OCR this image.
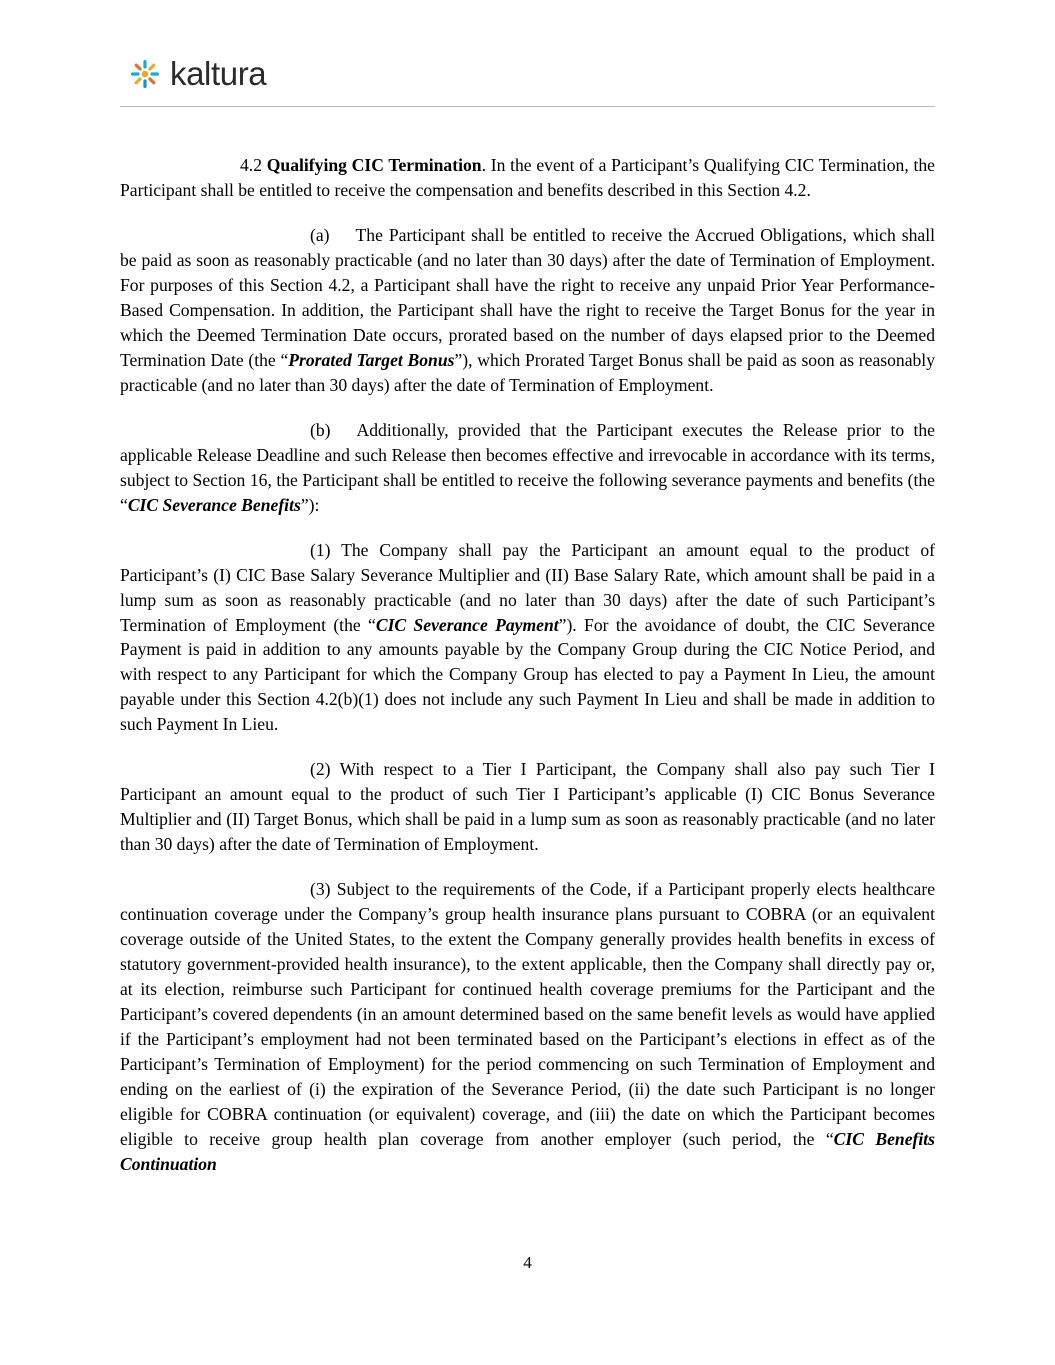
kaltura

4.2 Qualifying CIC Termination. In the event of a Participant’s Qualifying CIC Termination, the Participant shall be entitled to receive the compensation and benefits described in this Section 4.2.

(a) The Participant shall be entitled to receive the Accrued Obligations, which shall be paid as soon as reasonably practicable (and no later than 30 days) after the date of Termination of Employment. For purposes of this Section 4.2, a Participant shall have the right to receive any unpaid Prior Year Performance-Based Compensation. In addition, the Participant shall have the right to receive the Target Bonus for the year in which the Deemed Termination Date occurs, prorated based on the number of days elapsed prior to the Deemed Termination Date (the “Prorated Target Bonus”), which Prorated Target Bonus shall be paid as soon as reasonably practicable (and no later than 30 days) after the date of Termination of Employment.

(b) Additionally, provided that the Participant executes the Release prior to the applicable Release Deadline and such Release then becomes effective and irrevocable in accordance with its terms, subject to Section 16, the Participant shall be entitled to receive the following severance payments and benefits (the “CIC Severance Benefits”):

(1) The Company shall pay the Participant an amount equal to the product of Participant’s (I) CIC Base Salary Severance Multiplier and (II) Base Salary Rate, which amount shall be paid in a lump sum as soon as reasonably practicable (and no later than 30 days) after the date of such Participant’s Termination of Employment (the “CIC Severance Payment”). For the avoidance of doubt, the CIC Severance Payment is paid in addition to any amounts payable by the Company Group during the CIC Notice Period, and with respect to any Participant for which the Company Group has elected to pay a Payment In Lieu, the amount payable under this Section 4.2(b)(1) does not include any such Payment In Lieu and shall be made in addition to such Payment In Lieu.

(2) With respect to a Tier I Participant, the Company shall also pay such Tier I Participant an amount equal to the product of such Tier I Participant’s applicable (I) CIC Bonus Severance Multiplier and (II) Target Bonus, which shall be paid in a lump sum as soon as reasonably practicable (and no later than 30 days) after the date of Termination of Employment.

(3) Subject to the requirements of the Code, if a Participant properly elects healthcare continuation coverage under the Company’s group health insurance plans pursuant to COBRA (or an equivalent coverage outside of the United States, to the extent the Company generally provides health benefits in excess of statutory government-provided health insurance), to the extent applicable, then the Company shall directly pay or, at its election, reimburse such Participant for continued health coverage premiums for the Participant and the Participant’s covered dependents (in an amount determined based on the same benefit levels as would have applied if the Participant’s employment had not been terminated based on the Participant’s elections in effect as of the Participant’s Termination of Employment) for the period commencing on such Termination of Employment and ending on the earliest of (i) the expiration of the Severance Period, (ii) the date such Participant is no longer eligible for COBRA continuation (or equivalent) coverage, and (iii) the date on which the Participant becomes eligible to receive group health plan coverage from another employer (such period, the “CIC Benefits Continuation

4
